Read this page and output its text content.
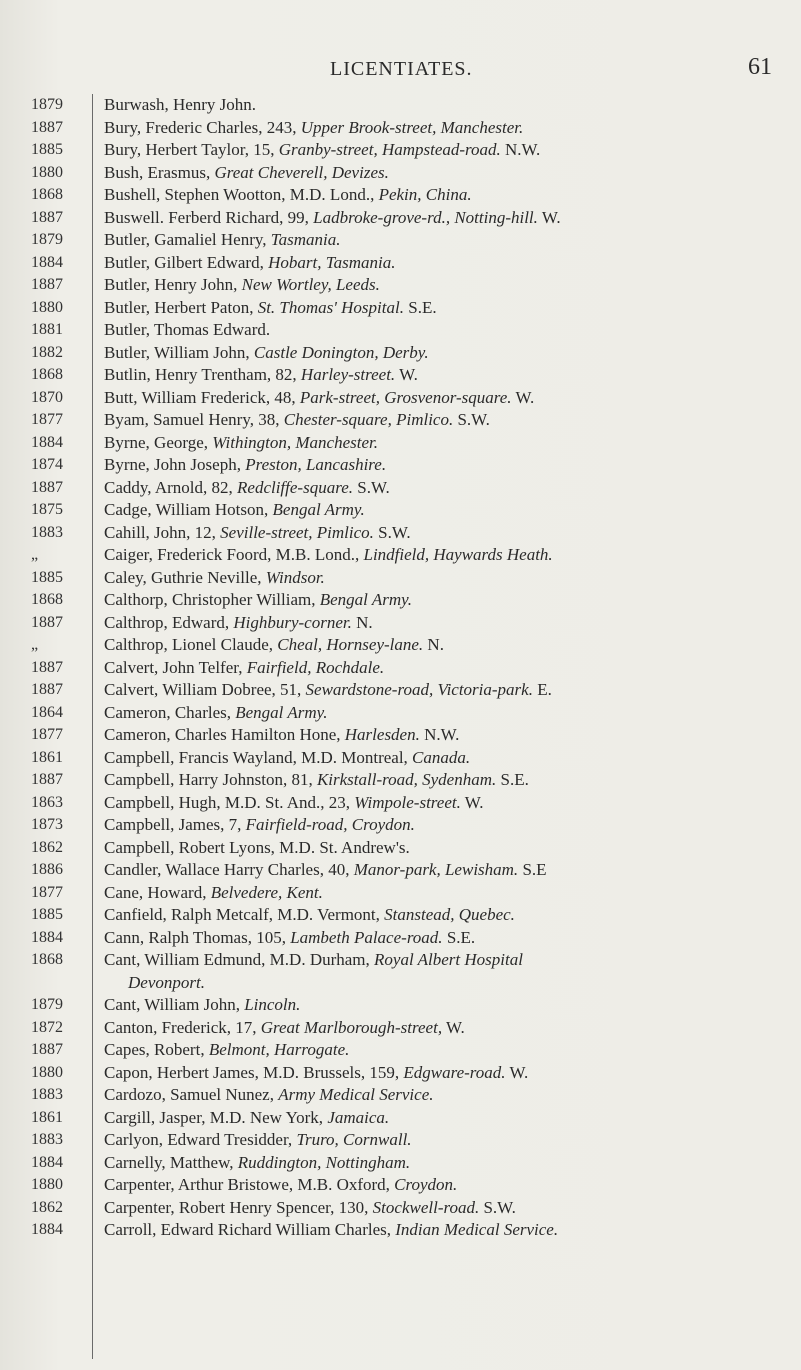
LICENTIATES.	61
1879	Burwash, Henry John.
1887	Bury, Frederic Charles, 243, Upper Brook-street, Manchester.
1885	Bury, Herbert Taylor, 15, Granby-street, Hampstead-road. N.W.
1880	Bush, Erasmus, Great Cheverell, Devizes.
1868	Bushell, Stephen Wootton, M.D. Lond., Pekin, China.
1887	Buswell. Ferberd Richard, 99, Ladbroke-grove-rd., Notting-hill. W.
1879	Butler, Gamaliel Henry, Tasmania.
1884	Butler, Gilbert Edward, Hobart, Tasmania.
1887	Butler, Henry John, New Wortley, Leeds.
1880	Butler, Herbert Paton, St. Thomas' Hospital. S.E.
1881	Butler, Thomas Edward.
1882	Butler, William John, Castle Donington, Derby.
1868	Butlin, Henry Trentham, 82, Harley-street. W.
1870	Butt, William Frederick, 48, Park-street, Grosvenor-square. W.
1877	Byam, Samuel Henry, 38, Chester-square, Pimlico. S.W.
1884	Byrne, George, Withington, Manchester.
1874	Byrne, John Joseph, Preston, Lancashire.
1887	Caddy, Arnold, 82, Redcliffe-square. S.W.
1875	Cadge, William Hotson, Bengal Army.
1883	Cahill, John, 12, Seville-street, Pimlico. S.W.
„	Caiger, Frederick Foord, M.B. Lond., Lindfield, Haywards Heath.
1885	Caley, Guthrie Neville, Windsor.
1868	Calthorp, Christopher William, Bengal Army.
1887	Calthrop, Edward, Highbury-corner. N.
„	Calthrop, Lionel Claude, Cheal, Hornsey-lane. N.
1887	Calvert, John Telfer, Fairfield, Rochdale.
1887	Calvert, William Dobree, 51, Sewardstone-road, Victoria-park. E.
1864	Cameron, Charles, Bengal Army.
1877	Cameron, Charles Hamilton Hone, Harlesden. N.W.
1861	Campbell, Francis Wayland, M.D. Montreal, Canada.
1887	Campbell, Harry Johnston, 81, Kirkstall-road, Sydenham. S.E.
1863	Campbell, Hugh, M.D. St. And., 23, Wimpole-street. W.
1873	Campbell, James, 7, Fairfield-road, Croydon.
1862	Campbell, Robert Lyons, M.D. St. Andrew's.
1886	Candler, Wallace Harry Charles, 40, Manor-park, Lewisham. S.E
1877	Cane, Howard, Belvedere, Kent.
1885	Canfield, Ralph Metcalf, M.D. Vermont, Stanstead, Quebec.
1884	Cann, Ralph Thomas, 105, Lambeth Palace-road. S.E.
1868	Cant, William Edmund, M.D. Durham, Royal Albert Hospital
Devonport.
1879	Cant, William John, Lincoln.
1872	Canton, Frederick, 17, Great Marlborough-street, W.
1887	Capes, Robert, Belmont, Harrogate.
1880	Capon, Herbert James, M.D. Brussels, 159, Edgware-road. W.
1883	Cardozo, Samuel Nunez, Army Medical Service.
1861	Cargill, Jasper, M.D. New York, Jamaica.
1883	Carlyon, Edward Tresidder, Truro, Cornwall.
1884	Carnelly, Matthew, Ruddington, Nottingham.
1880	Carpenter, Arthur Bristowe, M.B. Oxford, Croydon.
1862	Carpenter, Robert Henry Spencer, 130, Stockwell-road. S.W.
1884	Carroll, Edward Richard William Charles, Indian Medical Service.
